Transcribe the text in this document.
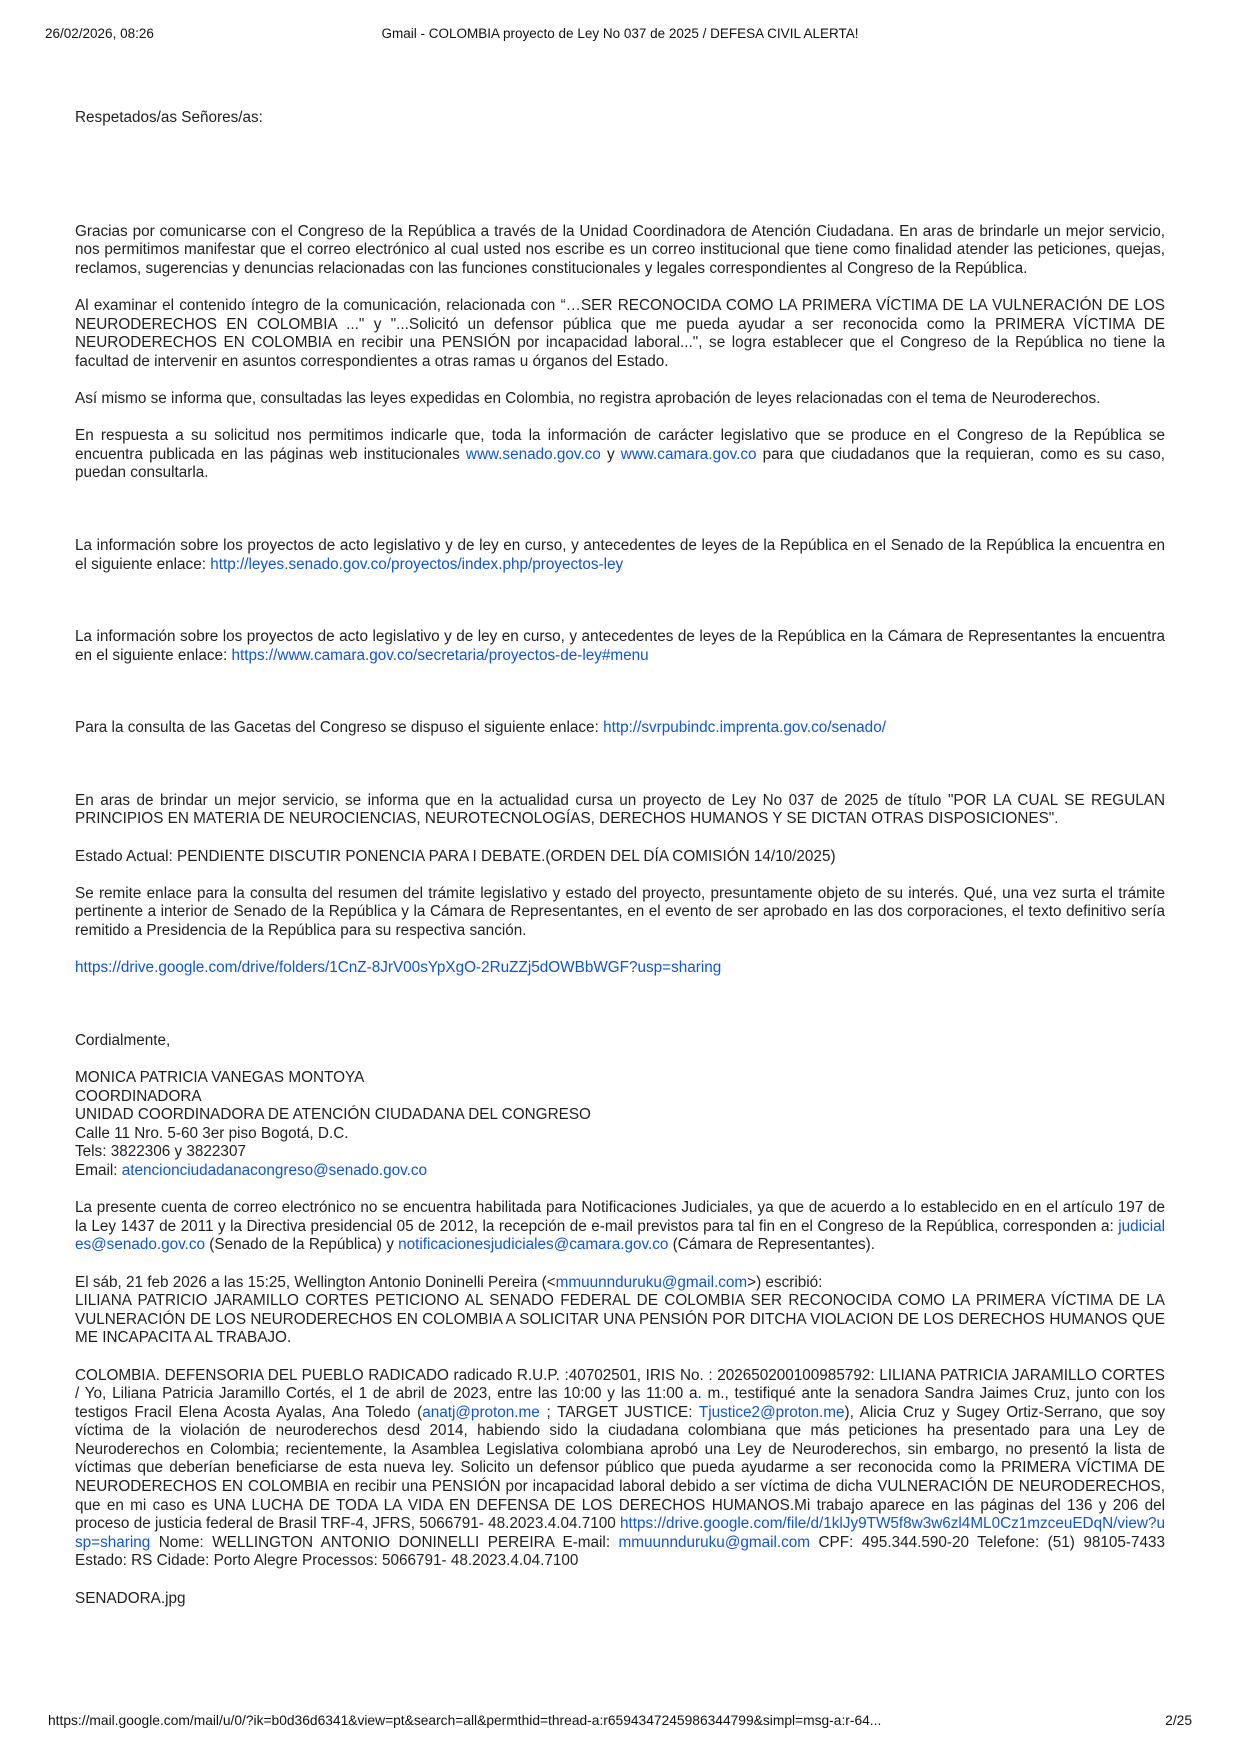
26/02/2026, 08:26	Gmail - COLOMBIA proyecto de Ley No 037 de 2025 / DEFESA CIVIL ALERTA!

Respetados/as Señores/as:

Gracias por comunicarse con el Congreso de la República a través de la Unidad Coordinadora de Atención Ciudadana. En aras de brindarle un mejor servicio, nos permitimos manifestar que el correo electrónico al cual usted nos escribe es un correo institucional que tiene como finalidad atender las peticiones, quejas, reclamos, sugerencias y denuncias relacionadas con las funciones constitucionales y legales correspondientes al Congreso de la República.

Al examinar el contenido íntegro de la comunicación, relacionada con “…SER RECONOCIDA COMO LA PRIMERA VÍCTIMA DE LA VULNERACIÓN DE LOS NEURODERECHOS EN COLOMBIA ..." y "...Solicitó un defensor pública que me pueda ayudar a ser reconocida como la PRIMERA VÍCTIMA DE NEURODERECHOS EN COLOMBIA en recibir una PENSIÓN por incapacidad laboral...", se logra establecer que el Congreso de la República no tiene la facultad de intervenir en asuntos correspondientes a otras ramas u órganos del Estado.

Así mismo se informa que, consultadas las leyes expedidas en Colombia, no registra aprobación de leyes relacionadas con el tema de Neuroderechos.

En respuesta a su solicitud nos permitimos indicarle que, toda la información de carácter legislativo que se produce en el Congreso de la República se encuentra publicada en las páginas web institucionales www.senado.gov.co y www.camara.gov.co para que ciudadanos que la requieran, como es su caso, puedan consultarla.

La información sobre los proyectos de acto legislativo y de ley en curso, y antecedentes de leyes de la República en el Senado de la República la encuentra en el siguiente enlace: http://leyes.senado.gov.co/proyectos/index.php/proyectos-ley

La información sobre los proyectos de acto legislativo y de ley en curso, y antecedentes de leyes de la República en la Cámara de Representantes la encuentra en el siguiente enlace: https://www.camara.gov.co/secretaria/proyectos-de-ley#menu

Para la consulta de las Gacetas del Congreso se dispuso el siguiente enlace: http://svrpubindc.imprenta.gov.co/senado/

En aras de brindar un mejor servicio, se informa que en la actualidad cursa un proyecto de Ley No 037 de 2025 de título "POR LA CUAL SE REGULAN PRINCIPIOS EN MATERIA DE NEUROCIENCIAS, NEUROTECNOLOGÍAS, DERECHOS HUMANOS Y SE DICTAN OTRAS DISPOSICIONES".

Estado Actual: PENDIENTE DISCUTIR PONENCIA PARA I DEBATE.(ORDEN DEL DÍA COMISIÓN 14/10/2025)

Se remite enlace para la consulta del resumen del trámite legislativo y estado del proyecto, presuntamente objeto de su interés. Qué, una vez surta el trámite pertinente a interior de Senado de la República y la Cámara de Representantes, en el evento de ser aprobado en las dos corporaciones, el texto definitivo sería remitido a Presidencia de la República para su respectiva sanción.

https://drive.google.com/drive/folders/1CnZ-8JrV00sYpXgO-2RuZZj5dOWBbWGF?usp=sharing

Cordialmente,

MONICA PATRICIA VANEGAS MONTOYA
COORDINADORA
UNIDAD COORDINADORA DE ATENCIÓN CIUDADANA DEL CONGRESO
Calle 11 Nro. 5-60 3er piso Bogotá, D.C.
Tels: 3822306 y 3822307
Email: atencionciudadanacongreso@senado.gov.co

La presente cuenta de correo electrónico no se encuentra habilitada para Notificaciones Judiciales, ya que de acuerdo a lo establecido en en el artículo 197 de la Ley 1437 de 2011 y la Directiva presidencial 05 de 2012, la recepción de e-mail previstos para tal fin en el Congreso de la República, corresponden a: judiciales@senado.gov.co (Senado de la República) y notificacionesjudiciales@camara.gov.co (Cámara de Representantes).

El sáb, 21 feb 2026 a las 15:25, Wellington Antonio Doninelli Pereira (<mmuunnduruku@gmail.com>) escribió:

LILIANA PATRICIO JARAMILLO CORTES PETICIONO AL SENADO FEDERAL DE COLOMBIA SER RECONOCIDA COMO LA PRIMERA VÍCTIMA DE LA VULNERACIÓN DE LOS NEURODERECHOS EN COLOMBIA A SOLICITAR UNA PENSIÓN POR DITCHA VIOLACION DE LOS DERECHOS HUMANOS QUE ME INCAPACITA AL TRABAJO.

COLOMBIA. DEFENSORIA DEL PUEBLO RADICADO radicado R.U.P. :40702501, IRIS No. : 202650200100985792: LILIANA PATRICIA JARAMILLO CORTES / Yo, Liliana Patricia Jaramillo Cortés, el 1 de abril de 2023, entre las 10:00 y las 11:00 a. m., testifiqué ante la senadora Sandra Jaimes Cruz, junto con los testigos Fracil Elena Acosta Ayalas, Ana Toledo (anatj@proton.me ; TARGET JUSTICE: Tjustice2@proton.me), Alicia Cruz y Sugey Ortiz-Serrano, que soy víctima de la violación de neuroderechos desd 2014, habiendo sido la ciudadana colombiana que más peticiones ha presentado para una Ley de Neuroderechos en Colombia; recientemente, la Asamblea Legislativa colombiana aprobó una Ley de Neuroderechos, sin embargo, no presentó la lista de víctimas que deberían beneficiarse de esta nueva ley. Solicito un defensor público que pueda ayudarme a ser reconocida como la PRIMERA VÍCTIMA DE NEURODERECHOS EN COLOMBIA en recibir una PENSIÓN por incapacidad laboral debido a ser víctima de dicha VULNERACIÓN DE NEURODERECHOS, que en mi caso es UNA LUCHA DE TODA LA VIDA EN DEFENSA DE LOS DERECHOS HUMANOS.Mi trabajo aparece en las páginas del 136 y 206 del proceso de justicia federal de Brasil TRF-4, JFRS, 5066791- 48.2023.4.04.7100 https://drive.google.com/file/d/1klJy9TW5f8w3w6zl4ML0Cz1mzceuEDqN/view?usp=sharing Nome: WELLINGTON ANTONIO DONINELLI PEREIRA E-mail: mmuunnduruku@gmail.com CPF: 495.344.590-20 Telefone: (51) 98105-7433 Estado: RS Cidade: Porto Alegre Processos: 5066791- 48.2023.4.04.7100

SENADORA.jpg

https://mail.google.com/mail/u/0/?ik=b0d36d6341&view=pt&search=all&permthid=thread-a:r6594347245986344799&simpl=msg-a:r-64...	2/25
